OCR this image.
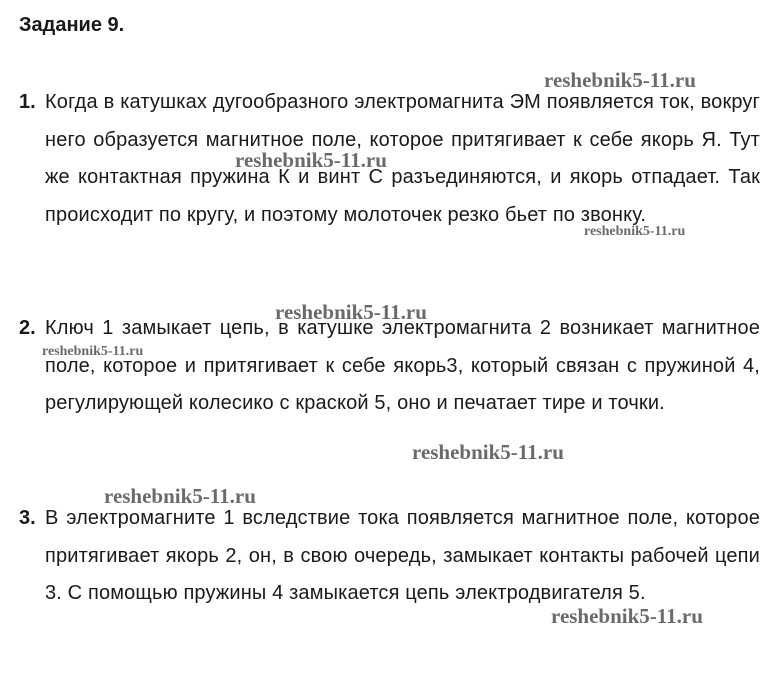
Задание 9.
1. Когда в катушках дугообразного электромагнита ЭМ появляется ток, вокруг него образуется магнитное поле, которое притягивает к себе якорь Я. Тут же контактная пружина К и винт С разъединяются, и якорь отпадает. Так происходит по кругу, и поэтому молоточек резко бьет по звонку.
2. Ключ 1 замыкает цепь, в катушке электромагнита 2 возникает магнитное поле, которое и притягивает к себе якорь3, который связан с пружиной 4, регулирующей колесико с краской 5, оно и печатает тире и точки.
3. В электромагните 1 вследствие тока появляется магнитное поле, которое притягивает якорь 2, он, в свою очередь, замыкает контакты рабочей цепи 3. С помощью пружины 4 замыкается цепь электродвигателя 5.
reshebnik5-11.ru
reshebnik5-11.ru
reshebnik5-11.ru
reshebnik5-11.ru
reshebnik5-11.ru
reshebnik5-11.ru
reshebnik5-11.ru
reshebnik5-11.ru
